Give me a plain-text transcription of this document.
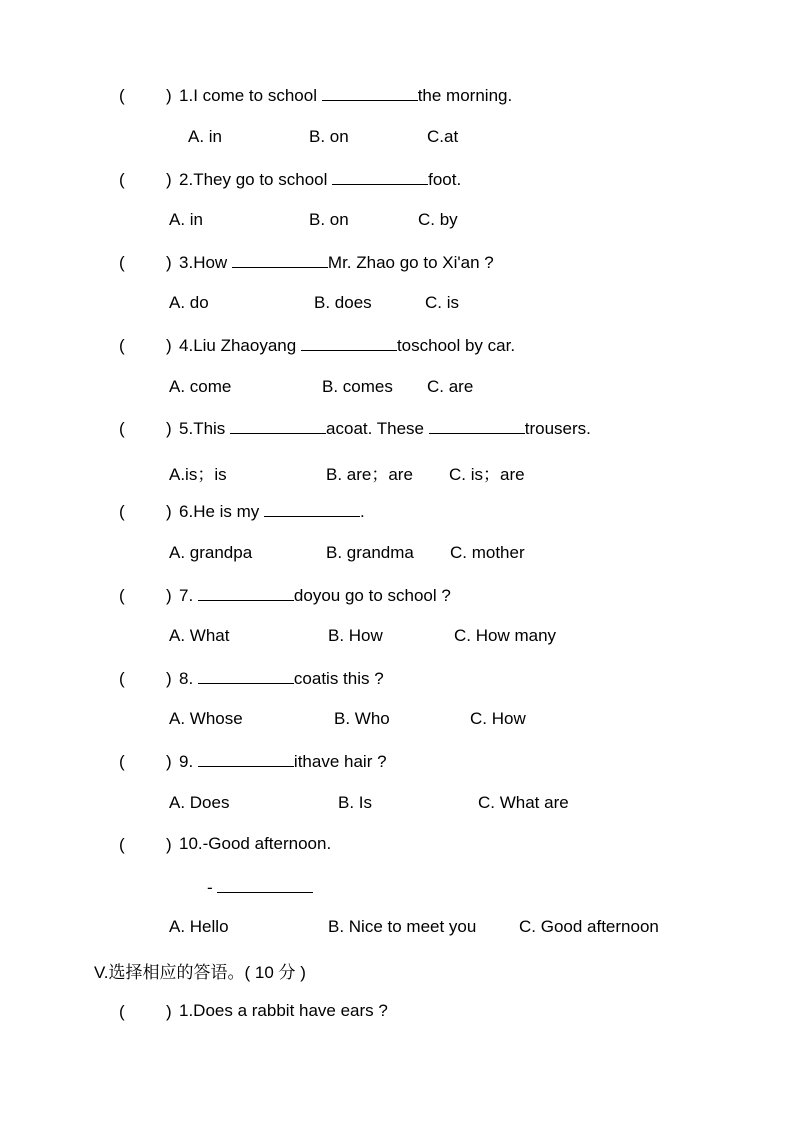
( ) 1.I come to school	the morning.
A. in	B. on	C.at
( ) 2.They go to school	foot.
A. in	B. on	C. by
( ) 3.How	Mr. Zhao go to Xi'an ?
A. do	B. does	C. is
( ) 4.Liu Zhaoyang	toschool by car.
A. come	B. comes C. are
( ) 5.This	acoat. These	trousers.
A.is；is	B. are；are C. is；are
( ) 6.He is my	.
A. grandpa	B. grandma C. mother
( ) 7.	doyou go to school ?
A. What	B. How	C. How many
( ) 8.	coatis this ?
A. Whose	B. Who	C. How
( ) 9.	ithave hair ?
A. Does	B. Is	C. What are
( ) 10.-Good afternoon.
-
A. Hello	B. Nice to meet you	C. Good afternoon
V.选择相应的答语。( 10 分 )
( ) 1.Does a rabbit have ears ?
